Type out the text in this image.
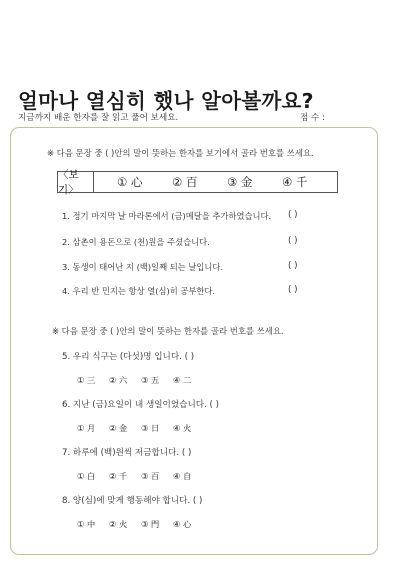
얼마나 열심히 했나 알아볼까요?
지금까지 배운 한자를 잘 읽고 풀어 보세요.	점 수 :
※ 다음 문장 중 ( )안의 말이 뜻하는 한자를 보기에서 골라 번호를 쓰세요.
〈보기〉
① 心	② 百	③ 金	④ 千
1. 정기 마지막 날 마라톤에서 (금)메달을 추가하였습니다. ( )
2. 삼촌이 용돈으로 (천)원을 주셨습니다.	( )
3. 동생이 태어난 지 (백)일째 되는 날입니다.	( )
4. 우리 반 민지는 항상 열(심)히 공부한다.	( )
※ 다음 문장 중 ( )안의 말이 뜻하는 한자를 골라 번호를 쓰세요.
5. 우리 식구는 (다섯)명 입니다. ( )
① 三	② 六	③ 五	④ 二
6. 지난 (금)요일이 내 생일이었습니다. ( )
① 月	② 金	③ 日	④ 火
7. 하루에 (백)원씩 저금합니다. ( )
① 白	② 千	③ 百	④ 自
8. 양(심)에 맞게 행동해야 합니다. ( )
① 中	② 火	③ 門	④ 心
